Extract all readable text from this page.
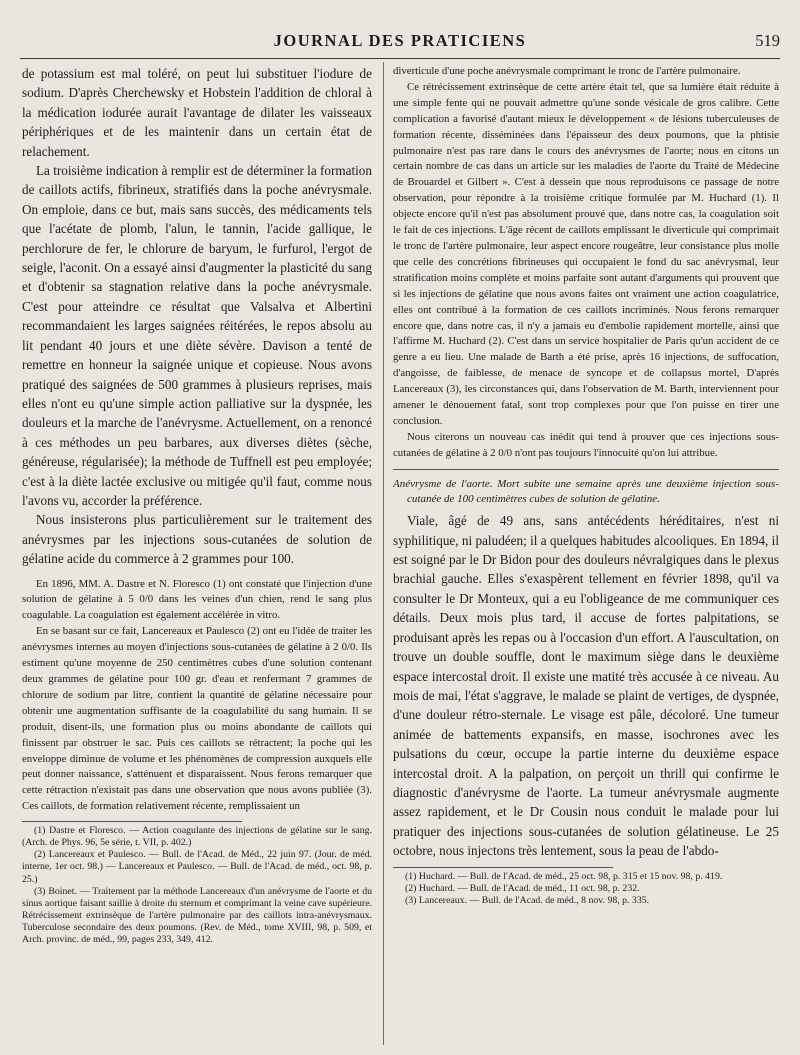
JOURNAL DES PRATICIENS	519

de potassium est mal toléré, on peut lui substituer l'iodure de sodium. D'après Cherchewsky et Hobstein l'addition de chloral à la médication iodurée aurait l'avantage de dilater les vaisseaux périphériques et de les maintenir dans un certain état de relachement.

La troisième indication à remplir est de déterminer la formation de caillots actifs, fibrineux, stratifiés dans la poche anévrysmale. On emploie, dans ce but, mais sans succès, des médicaments tels que l'acétate de plomb, l'alun, le tannin, l'acide gallique, le perchlorure de fer, le chlorure de baryum, le furfurol, l'ergot de seigle, l'aconit. On a essayé ainsi d'augmenter la plasticité du sang et d'obtenir sa stagnation relative dans la poche anévrysmale. C'est pour atteindre ce résultat que Valsalva et Albertini recommandaient les larges saignées réitérées, le repos absolu au lit pendant 40 jours et une diète sévère. Davison a tenté de remettre en honneur la saignée unique et copieuse. Nous avons pratiqué des saignées de 500 grammes à plusieurs reprises, mais elles n'ont eu qu'une simple action palliative sur la dyspnée, les douleurs et la marche de l'anévrysme. Actuellement, on a renoncé à ces méthodes un peu barbares, aux diverses diètes (sèche, généreuse, régularisée); la méthode de Tuffnell est peu employée; c'est à la diète lactée exclusive ou mitigée qu'il faut, comme nous l'avons vu, accorder la préférence.

Nous insisterons plus particulièrement sur le traitement des anévrysmes par les injections sous-cutanées de solution de gélatine acide du commerce à 2 grammes pour 100.

En 1896, MM. A. Dastre et N. Floresco (1) ont constaté que l'injection d'une solution de gélatine à 5 0/0 dans les veines d'un chien, rend le sang plus coagulable. La coagulation est également accélérée in vitro.

En se basant sur ce fait, Lancereaux et Paulesco (2) ont eu l'idée de traiter les anévrysmes internes au moyen d'injections sous-cutanées de gélatine à 2 0/0. Ils estiment qu'une moyenne de 250 centimètres cubes d'une solution contenant deux grammes de gélatine pour 100 gr. d'eau et renfermant 7 grammes de chlorure de sodium par litre, contient la quantité de gélatine nécessaire pour obtenir une augmentation suffisante de la coagulabilité du sang humain. Il se produit, disent-ils, une formation plus ou moins abondante de caillots qui finissent par obstruer le sac. Puis ces caillots se rétractent; la poche qui les enveloppe diminue de volume et les phénomènes de compression auxquels elle peut donner naissance, s'atténuent et disparaissent. Nous ferons remarquer que cette rétraction n'existait pas dans une observation que nous avons publiée (3). Ces caillots, de formation relativement récente, remplissaient un

(1) Dastre et Floresco. — Action coagulante des injections de gélatine sur le sang. (Arch. de Phys. 96, 5e série, t. VII, p. 402.)

(2) Lancereaux et Paulesco. — Bull. de l'Acad. de Méd., 22 juin 97. (Jour. de méd. interne, 1er oct. 98.) — Lancereaux et Paulesco. — Bull. de l'Acad. de méd., oct. 98, p. 25.)

(3) Boinet. — Traitement par la méthode Lancereaux d'un anévrysme de l'aorte et du sinus aortique faisant saillie à droite du sternum et comprimant la veine cave supérieure. Rétrécissement extrinsèque de l'artère pulmonaire par des caillots intra-anévrysmaux. Tuberculose secondaire des deux poumons. (Rev. de Méd., tome XVIII, 98, p. 509, et Arch. provinc. de méd., 99, pages 233, 349, 412.

diverticule d'une poche anévrysmale comprimant le tronc de l'artère pulmonaire.

Ce rétrécissement extrinsèque de cette artère était tel, que sa lumière était réduite à une simple fente qui ne pouvait admettre qu'une sonde vésicale de gros calibre. Cette complication a favorisé d'autant mieux le développement « de lésions tuberculeuses de formation récente, disséminées dans l'épaisseur des deux poumons, que la phtisie pulmonaire n'est pas rare dans le cours des anévrysmes de l'aorte; nous en citons un certain nombre de cas dans un article sur les maladies de l'aorte du Traité de Médecine de Brouardel et Gilbert ». C'est à dessein que nous reproduisons ce passage de notre observation, pour répondre à la troisième critique formulée par M. Huchard (1). Il objecte encore qu'il n'est pas absolument prouvé que, dans notre cas, la coagulation soit le fait de ces injections. L'âge récent de caillots emplissant le diverticule qui comprimait le tronc de l'artère pulmonaire, leur aspect encore rougeâtre, leur consistance plus molle que celle des concrétions fibrineuses qui occupaient le fond du sac anévrysmal, leur stratification moins complète et moins parfaite sont autant d'arguments qui prouvent que si les injections de gélatine que nous avons faites ont vraiment une action coagulatrice, elles ont contribué à la formation de ces caillots incriminés. Nous ferons remarquer encore que, dans notre cas, il n'y a jamais eu d'embolie rapidement mortelle, ainsi que l'affirme M. Huchard (2). C'est dans un service hospitalier de Paris qu'un accident de ce genre a eu lieu. Une malade de Barth a été prise, après 16 injections, de suffocation, d'angoisse, de faiblesse, de menace de syncope et de collapsus mortel, D'après Lancereaux (3), les circonstances qui, dans l'observation de M. Barth, interviennent pour amener le dénouement fatal, sont trop complexes pour que l'on puisse en tirer une conclusion.

Nous citerons un nouveau cas inédit qui tend à prouver que ces injections sous-cutanées de gélatine à 2 0/0 n'ont pas toujours l'innocuité qu'on lui attribue.

Anévrysme de l'aorte. Mort subite une semaine après une deuxième injection sous-cutanée de 100 centimètres cubes de solution de gélatine.

Viale, âgé de 49 ans, sans antécédents héréditaires, n'est ni syphilitique, ni paludéen; il a quelques habitudes alcooliques. En 1894, il est soigné par le Dr Bidon pour des douleurs névralgiques dans le plexus brachial gauche. Elles s'exaspèrent tellement en février 1898, qu'il va consulter le Dr Monteux, qui a eu l'obligeance de me communiquer ces détails. Deux mois plus tard, il accuse de fortes palpitations, se produisant après les repas ou à l'occasion d'un effort. A l'auscultation, on trouve un double souffle, dont le maximum siège dans le deuxième espace intercostal droit. Il existe une matité très accusée à ce niveau. Au mois de mai, l'état s'aggrave, le malade se plaint de vertiges, de dyspnée, d'une douleur rétro-sternale. Le visage est pâle, décoloré. Une tumeur animée de battements expansifs, en masse, isochrones avec les pulsations du cœur, occupe la partie interne du deuxième espace intercostal droit. A la palpation, on perçoit un thrill qui confirme le diagnostic d'anévrysme de l'aorte. La tumeur anévrysmale augmente assez rapidement, et le Dr Cousin nous conduit le malade pour lui pratiquer des injections sous-cutanées de solution gélatineuse. Le 25 octobre, nous injectons très lentement, sous la peau de l'abdo-

(1) Huchard. — Bull. de l'Acad. de méd., 25 oct. 98, p. 315 et 15 nov. 98, p. 419.

(2) Huchard. — Bull. de l'Acad. de méd., 11 oct. 98, p. 232.

(3) Lancereaux. — Bull. de l'Acad. de méd., 8 nov. 98, p. 335.
